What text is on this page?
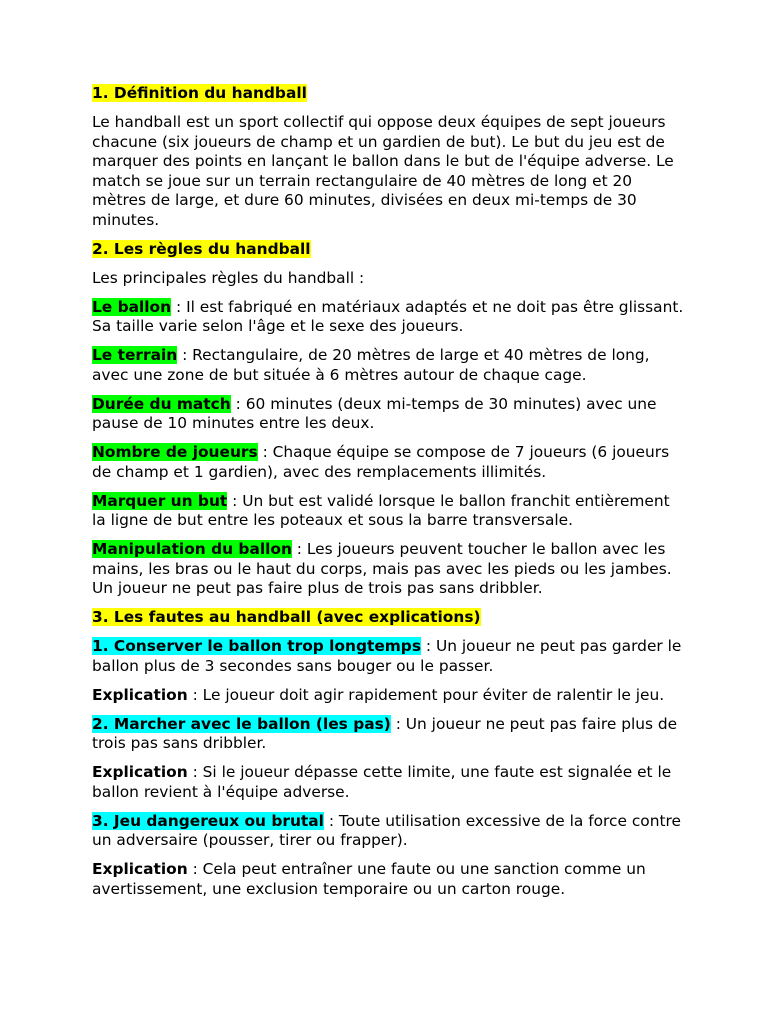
1. Définition du handball

Le handball est un sport collectif qui oppose deux équipes de sept joueurs chacune (six joueurs de champ et un gardien de but). Le but du jeu est de marquer des points en lançant le ballon dans le but de l'équipe adverse. Le match se joue sur un terrain rectangulaire de 40 mètres de long et 20 mètres de large, et dure 60 minutes, divisées en deux mi-temps de 30 minutes.

2. Les règles du handball

Les principales règles du handball :

Le ballon : Il est fabriqué en matériaux adaptés et ne doit pas être glissant. Sa taille varie selon l'âge et le sexe des joueurs.

Le terrain : Rectangulaire, de 20 mètres de large et 40 mètres de long, avec une zone de but située à 6 mètres autour de chaque cage.

Durée du match : 60 minutes (deux mi-temps de 30 minutes) avec une pause de 10 minutes entre les deux.

Nombre de joueurs : Chaque équipe se compose de 7 joueurs (6 joueurs de champ et 1 gardien), avec des remplacements illimités.

Marquer un but : Un but est validé lorsque le ballon franchit entièrement la ligne de but entre les poteaux et sous la barre transversale.

Manipulation du ballon : Les joueurs peuvent toucher le ballon avec les mains, les bras ou le haut du corps, mais pas avec les pieds ou les jambes. Un joueur ne peut pas faire plus de trois pas sans dribbler.

3. Les fautes au handball (avec explications)

1. Conserver le ballon trop longtemps : Un joueur ne peut pas garder le ballon plus de 3 secondes sans bouger ou le passer.

Explication : Le joueur doit agir rapidement pour éviter de ralentir le jeu.

2. Marcher avec le ballon (les pas) : Un joueur ne peut pas faire plus de trois pas sans dribbler.

Explication : Si le joueur dépasse cette limite, une faute est signalée et le ballon revient à l'équipe adverse.

3. Jeu dangereux ou brutal : Toute utilisation excessive de la force contre un adversaire (pousser, tirer ou frapper).

Explication : Cela peut entraîner une faute ou une sanction comme un avertissement, une exclusion temporaire ou un carton rouge.
